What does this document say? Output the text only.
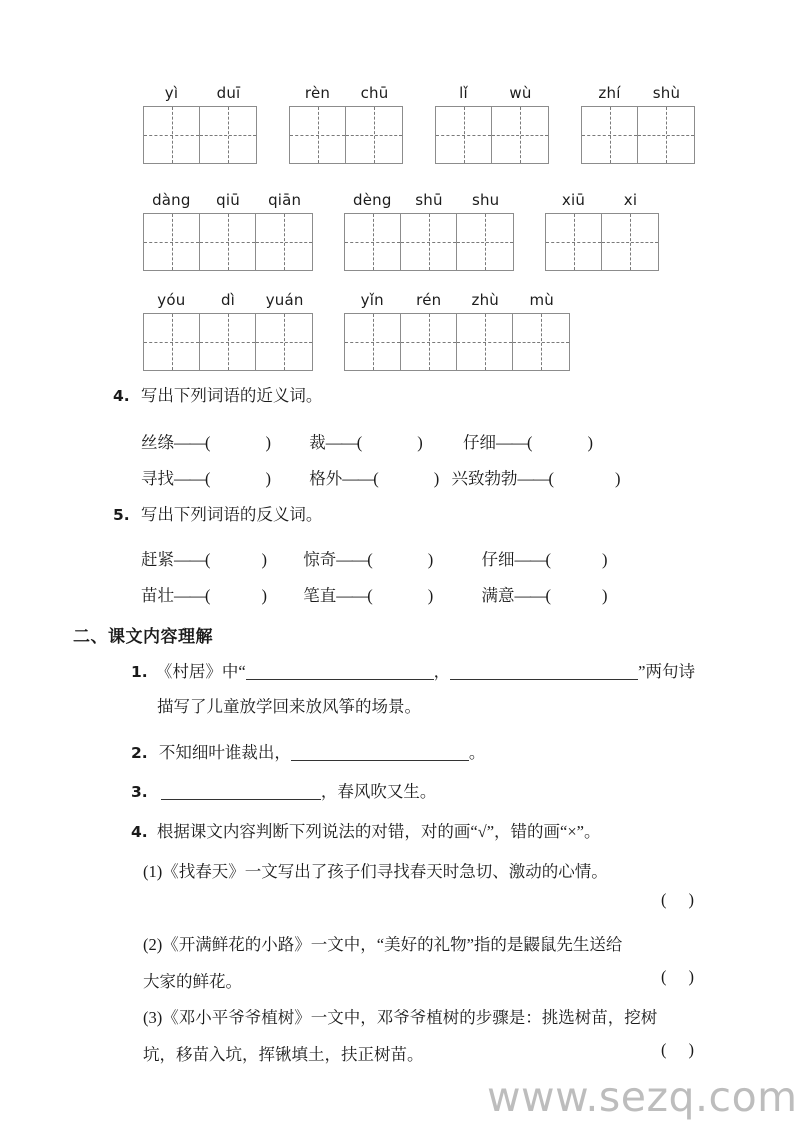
yì	duī	rèn	chū	lǐ	wù	zhí	shù
dàng	qiū	qiān	dèng	shū	shu	xiū	xi
yóu	dì	yuán	yǐn	rén	zhù	mù
4. 写出下列词语的近义词。
丝绦——(	) 裁——(	) 仔细——(	)
寻找——(	) 格外——(	) 兴致勃勃——(	)
5. 写出下列词语的反义词。
赶紧——(	) 惊奇——(	)	仔细——(	)
苗壮——(	) 笔直——(	)	满意——(	)
二、课文内容理解
1. 《村居》中“	，	”两句诗
描写了儿童放学回来放风筝的场景。
2. 不知细叶谁裁出，	。
3.	，春风吹又生。
4. 根据课文内容判断下列说法的对错，对的画“√”，错的画“×”。
(1)《找春天》一文写出了孩子们寻找春天时急切、激动的心情。
()
(2)《开满鲜花的小路》一文中，“美好的礼物”指的是鼹鼠先生送给
大家的鲜花。	()
(3)《邓小平爷爷植树》一文中，邓爷爷植树的步骤是：挑选树苗，挖树
坑，移苗入坑，挥锹填土，扶正树苗。	()
www.sezq.com
